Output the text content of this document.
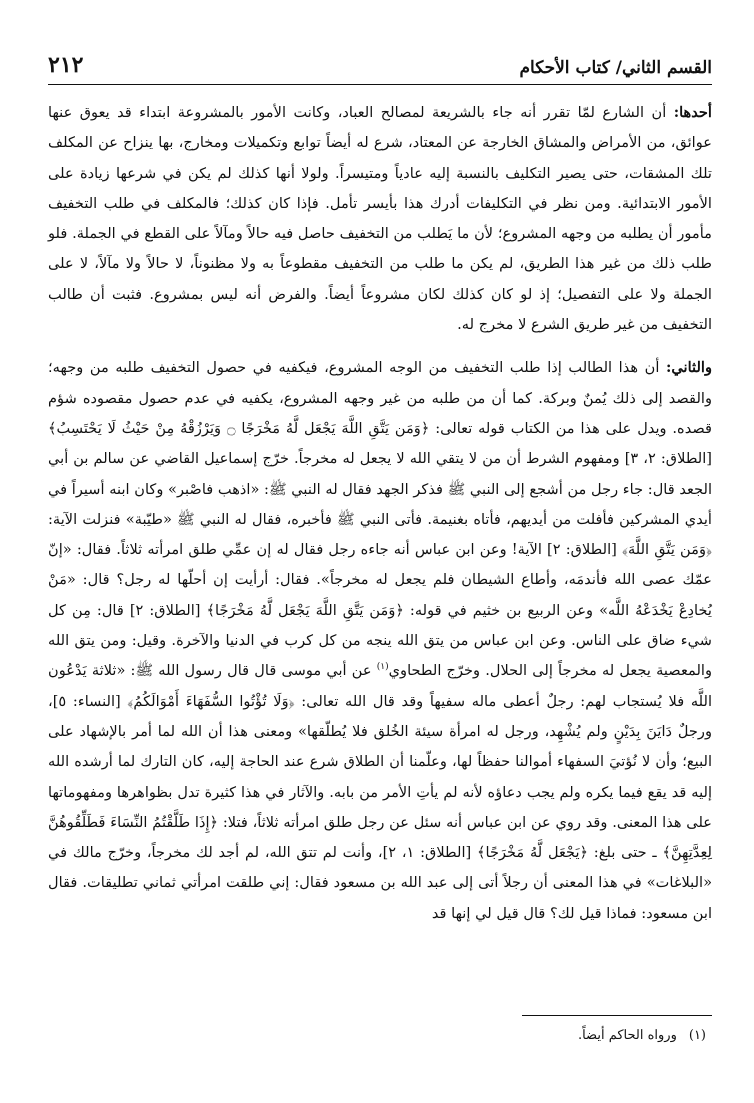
القسم الثاني/ كتاب الأحكام
٢١٢

أحدها: أن الشارع لمّا تقرر أنه جاء بالشريعة لمصالح العباد، وكانت الأمور بالمشروعة ابتداء قد يعوق عنها عوائق، من الأمراض والمشاق الخارجة عن المعتاد، شرع له أيضاً توابع وتكميلات ومخارج، بها ينزاح عن المكلف تلك المشقات، حتى يصير التكليف بالنسبة إليه عادياً ومتيسراً. ولولا أنها كذلك لم يكن في شرعها زيادة على الأمور الابتدائية. ومن نظر في التكليفات أدرك هذا بأيسر تأمل. فإذا كان كذلك؛ فالمكلف في طلب التخفيف مأمور أن يطلبه من وجهه المشروع؛ لأن ما يَطلب من التخفيف حاصل فيه حالاً ومآلاً على القطع في الجملة. فلو طلب ذلك من غير هذا الطريق، لم يكن ما طلب من التخفيف مقطوعاً به ولا مظنوناً، لا حالاً ولا مآلاً، لا على الجملة ولا على التفصيل؛ إذ لو كان كذلك لكان مشروعاً أيضاً. والفرض أنه ليس بمشروع. فثبت أن طالب التخفيف من غير طريق الشرع لا مخرج له.

والثاني: أن هذا الطالب إذا طلب التخفيف من الوجه المشروع، فيكفيه في حصول التخفيف طلبه من وجهه؛ والقصد إلى ذلك يُمنٌ وبركة. كما أن من طلبه من غير وجهه المشروع، يكفيه في عدم حصول مقصوده شؤم قصده. ويدل على هذا من الكتاب قوله تعالى: ﴿وَمَن يَتَّقِ اللَّهَ يَجْعَل لَّهُ مَخْرَجًا ۝ وَيَرْزُقْهُ مِنْ حَيْثُ لَا يَحْتَسِبُ﴾ [الطلاق: ٢، ٣] ومفهوم الشرط أن من لا يتقي الله لا يجعل له مخرجاً. خرّج إسماعيل القاضي عن سالم بن أبي الجعد قال: جاء رجل من أشجع إلى النبي ﷺ فذكر الجهد فقال له النبي ﷺ: «اذهب فاصْبر» وكان ابنه أسيراً في أيدي المشركين فأفلت من أيديهم، فأتاه بغنيمة. فأتى النبي ﷺ فأخبره، فقال له النبي ﷺ «طيّبة» فنزلت الآية: ﴿وَمَن يَتَّقِ اللَّهَ﴾ [الطلاق: ٢] الآية! وعن ابن عباس أنه جاءه رجل فقال له إن عمِّي طلق امرأته ثلاثاً. فقال: «إنّ عمّك عصى الله فأندمَه، وأطاع الشيطان فلم يجعل له مخرجاً». فقال: أرأيت إن أحلّها له رجل؟ قال: «مَنْ يُخادِعْ يَخْدَعْهُ اللَّه» وعن الربيع بن خثيم في قوله: ﴿وَمَن يَتَّقِ اللَّهَ يَجْعَل لَّهُ مَخْرَجًا﴾ [الطلاق: ٢] قال: مِن كل شيء ضاق على الناس. وعن ابن عباس من يتق الله ينجه من كل كرب في الدنيا والآخرة. وقيل: ومن يتق الله والمعصية يجعل له مخرجاً إلى الحلال. وخرّج الطحاوي$^{(١)}$ عن أبي موسى قال قال رسول الله ﷺ: «ثلاثة يَدْعُون اللَّه فلا يُستجاب لهم: رجلٌ أعطى ماله سفيهاً وقد قال الله تعالى: ﴿وَلَا تُؤْتُوا السُّفَهَاءَ أَمْوَالَكُمُ﴾ [النساء: ٥]، ورجلٌ دَايَنَ بِدَيْنٍ ولم يُشْهِد، ورجل له امرأة سيئة الخُلق فلا يُطلّقها» ومعنى هذا أن الله لما أمر بالإشهاد على البيع؛ وأن لا نُؤتيَ السفهاء أموالنا حفظاً لها، وعلّمنا أن الطلاق شرع عند الحاجة إليه، كان التارك لما أرشده الله إليه قد يقع فيما يكره ولم يجب دعاؤه لأنه لم يأتِ الأمر من بابه. والآثار في هذا كثيرة تدل بظواهرها ومفهوماتها على هذا المعنى. وقد روي عن ابن عباس أنه سئل عن رجل طلق امرأته ثلاثاً، فتلا: ﴿إِذَا طَلَّقْتُمُ النِّسَاءَ فَطَلِّقُوهُنَّ لِعِدَّتِهِنَّ﴾ ـ حتى بلغ: ﴿يَجْعَل لَّهُ مَخْرَجًا﴾ [الطلاق: ١، ٢]، وأنت لم تتق الله، لم أجد لك مخرجاً، وخرّج مالك في «البلاغات» في هذا المعنى أن رجلاً أتى إلى عبد الله بن مسعود فقال: إني طلقت امرأتي ثماني تطليقات. فقال ابن مسعود: فماذا قيل لك؟ قال قيل لي إنها قد

(١)ورواه الحاكم أيضاً.
